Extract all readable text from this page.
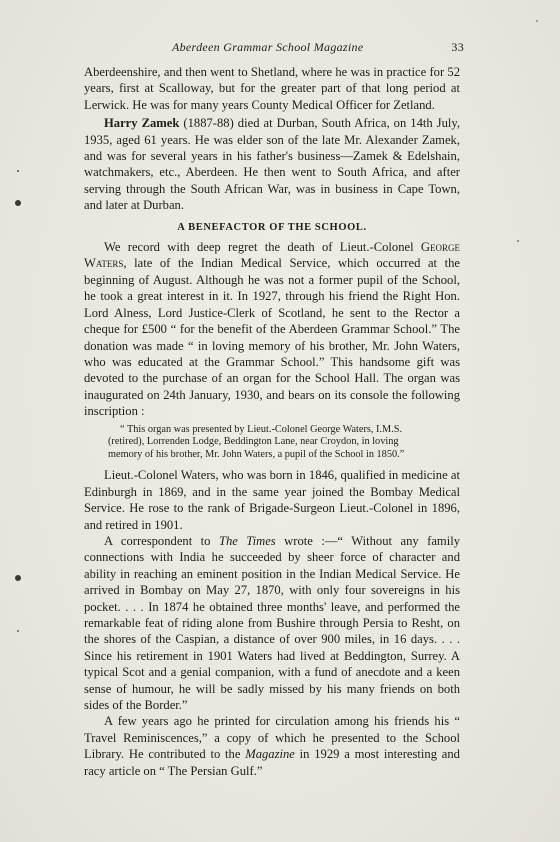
Aberdeen Grammar School Magazine	33

Aberdeenshire, and then went to Shetland, where he was in practice for 52 years, first at Scalloway, but for the greater part of that long period at Lerwick. He was for many years County Medical Officer for Zetland.

Harry Zamek (1887-88) died at Durban, South Africa, on 14th July, 1935, aged 61 years. He was elder son of the late Mr. Alexander Zamek, and was for several years in his father's business—Zamek & Edelshain, watchmakers, etc., Aberdeen. He then went to South Africa, and after serving through the South African War, was in business in Cape Town, and later at Durban.

A BENEFACTOR OF THE SCHOOL.

We record with deep regret the death of Lieut.-Colonel George Waters, late of the Indian Medical Service, which occurred at the beginning of August. Although he was not a former pupil of the School, he took a great interest in it. In 1927, through his friend the Right Hon. Lord Alness, Lord Justice-Clerk of Scotland, he sent to the Rector a cheque for £500 “ for the benefit of the Aberdeen Grammar School.” The donation was made “ in loving memory of his brother, Mr. John Waters, who was educated at the Grammar School.” This handsome gift was devoted to the purchase of an organ for the School Hall. The organ was inaugurated on 24th January, 1930, and bears on its console the following inscription :

“ This organ was presented by Lieut.-Colonel George Waters, I.M.S. (retired), Lorrenden Lodge, Beddington Lane, near Croydon, in loving memory of his brother, Mr. John Waters, a pupil of the School in 1850.”

Lieut.-Colonel Waters, who was born in 1846, qualified in medicine at Edinburgh in 1869, and in the same year joined the Bombay Medical Service. He rose to the rank of Brigade-Surgeon Lieut.-Colonel in 1896, and retired in 1901.

A correspondent to The Times wrote :—“ Without any family connections with India he succeeded by sheer force of character and ability in reaching an eminent position in the Indian Medical Service. He arrived in Bombay on May 27, 1870, with only four sovereigns in his pocket. . . . In 1874 he obtained three months' leave, and performed the remarkable feat of riding alone from Bushire through Persia to Resht, on the shores of the Caspian, a distance of over 900 miles, in 16 days. . . . Since his retirement in 1901 Waters had lived at Beddington, Surrey. A typical Scot and a genial companion, with a fund of anecdote and a keen sense of humour, he will be sadly missed by his many friends on both sides of the Border.”

A few years ago he printed for circulation among his friends his “ Travel Reminiscences,” a copy of which he presented to the School Library. He contributed to the Magazine in 1929 a most interesting and racy article on “ The Persian Gulf.”
